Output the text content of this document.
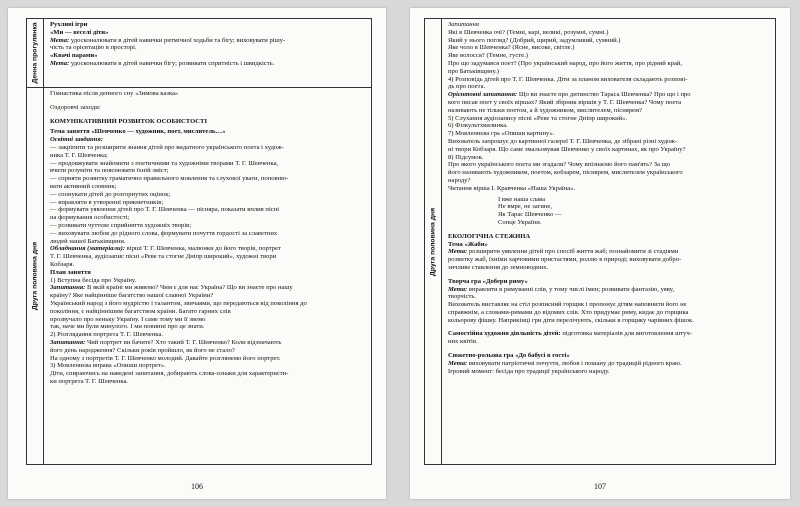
Денна прогулянка Рухливі ігри
«Ми — веселі діти»
Мета: удосконалювати в дітей навички ритмічної ходьби та бігу; виховувати рішу-
чість та орієнтацію в просторі.
«Квачі парами»
Мета: удосконалювати в дітей навички бігу; розвивати спритність і швидкість.
Друга половина дня
Гімнастика після денного сну «Зимова казка»
Оздоровчі заходи:
КОМУНІКАТИВНИЙ РОЗВИТОК ОСОБИСТОСТІ
Тема заняття «Шевченко — художник, поет, мислитель…»
Освітні завдання:
— закріпити та розширити знання дітей про видатного українського поета і худож-
ника Т. Г. Шевченка;
— продовжувати знайомити з поетичними та художніми творами Т. Г. Шевченка,
вчити розуміти та пояснювати їхній зміст;
— сприяти розвитку граматично правильного мовлення та слухової уваги, поповню-
вати активний словник;
— спонукати дітей до розгорнутих оцінок;
— вправляти в утворенні прикметників;
— формувати уявлення дітей про Т. Г. Шевченка — піснярa, показати вплив пісні
на формування особистості;
— розвивати чуттєве сприйняття художніх творів;
— виховувати любов до рідного слова, формувати почуття гордості за славетних
людей нашої Батьківщини.
Обладнання (матеріали): вірші Т. Г. Шевченка, малюнки до його творів, портрет
Т. Г. Шевченка, аудіозапис пісні «Реве та стогне Дніпр широкий», художні твори
Кобзаря.
План заняття
1) Вступна бесіда про Україну.
Запитання: В якій країні ми живемо? Чим є для нас Україна? Що ви знаєте про нашу
країну? Яке найцінніше багатство нашої славної України?
Український народ з його мудрістю і талантом, звичаями, що передаються від покоління до
покоління, є найціннішим багатством країни. Багато гарних слів
прозвучало про неньку Україну. І саме тому ми її звемо
так, наче ми були минулого. І ми повинні про це знати.
2) Розглядання портрета Т. Г. Шевченка.
Запитання: Чий портрет ви бачите? Хто такий Т. Г. Шевченко? Коли відзначають
його день народження? Скільки років пройшло, як його не стало?
На одному з портретів Т. Г. Шевченко молодий. Давайте розглянемо його портрет.
3) Мовленнєва вправа «Опиши портрет».
Діти, спираючись на наведені запитання, добирають слова-ознаки для характеристи-
ки портрета Т. Г. Шевченка.
106
Друга половина дня
Запитання
Які в Шевченка очі? (Темні, карі, великі, розумні, сумні.)
Який у нього погляд? (Добрий, щирий, задумливий, сумний.)
Яке чоло в Шевченка? (Ясне, високе, світле.)
Яке волосся? (Темне, густе.)
Про що задумався поет? (Про український народ, про його життя, про рідний край,
про Батьківщину.)
4) Розповідь дітей про Т. Г. Шевченка. Діти за планом вихователя складають розпові-
дь про поета.
Орієнтовні запитання: Що ви знаєте про дитинство Тараса Шевченка? Про що і про
кого писав поет у своїх віршах? Який збірник віршів у Т. Г. Шевченка? Чому поета
називають не тільки поетом, а й художником, мислителем, піснярем?
5) Слухання аудіозапису пісні «Реве та стогне Дніпр широкий».
6) Фізкультхвилинка.
7) Мовленнєва гра «Опиши картину».
Вихователь запрошує до картинної галереї Т. Г. Шевченка, де зібрані різні худож-
ні твори Кобзаря. Що саме змальовував Шевченко у своїх картинах, як про Україну?
8) Підсумок.
Про якого українського поета ми згадали? Чому впізнаємо його пам'ять? За що
його називають художником, поетом, кобзарем, піснярем, мислителем українського
народу?
Читання вірша І. Кравченка «Наша Україна».
І вже наша слава
Не вмре, не загине,
Як Тарас Шевченко —
Сонце України.
ЕКОЛОГІЧНА СТЕЖИНА
Тема «Жаби»
Мета: розширити уявлення дітей про спосіб життя жаб; познайомити зі стадіями
розвитку жаб, їхніми харчовими пристастями, роллю в природі; виховувати добро-
зичливе ставлення до земноводних.
Творча гра «Добери риму»
Мета: вправляти в римуванні слів, у тому числі імен; розвивати фантазію, уяву,
творчість.
Вихователь виставляє на стіл розписний горщик і пропонує дітям наповнити його не
справжнім, а словами-римами до відомих слів. Хто придумає риму, кидає до горщика
кольорову фішку. Наприкінці гри діти перелічують, скільки в горщику чарівних фішок.
Самостійна художня діяльність дітей: підготовка матеріалів для виготовлення штуч-
них квітів.
Сюжетно-рольова гра «До бабусі в гості»
Мета: виховувати патріотичні почуття, любов і пошану до традицій рідного краю.
Ігровий момент: бесіда про традиції українського народу.
107
